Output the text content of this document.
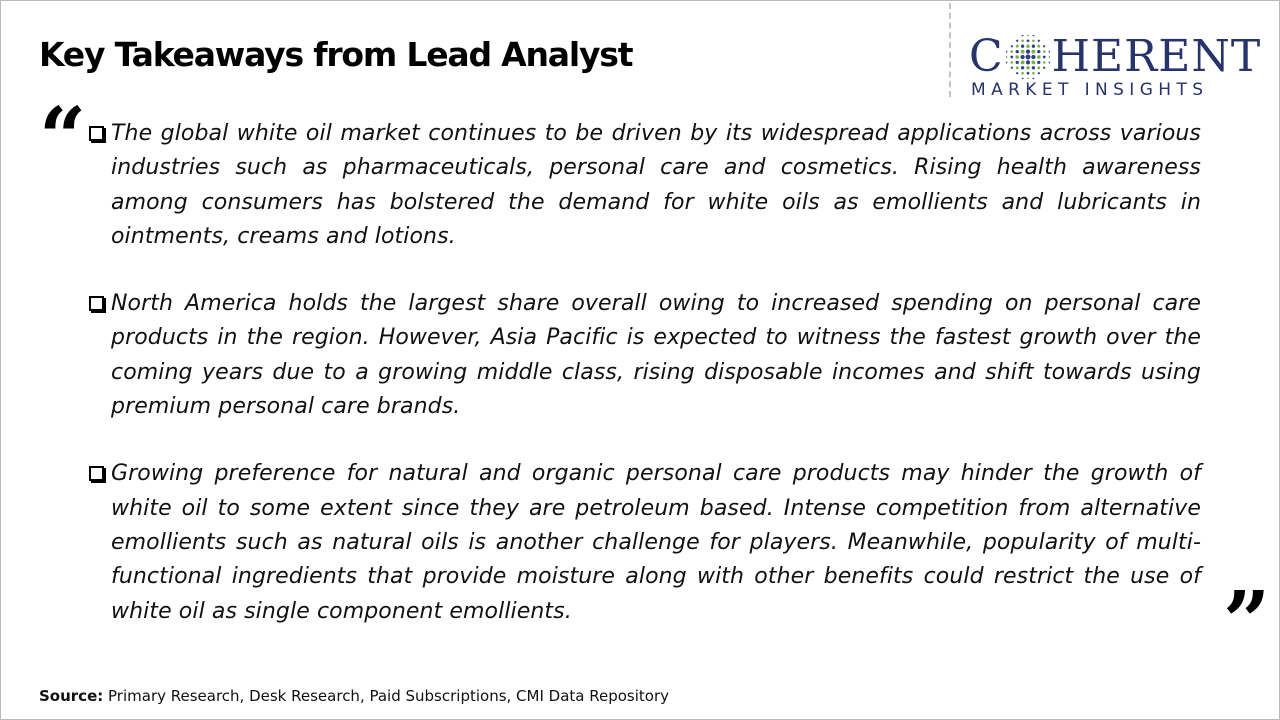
Key Takeaways from Lead Analyst	C HERENT
MARKET INSIGHTS
“ The global white oil market continues to be driven by its widespread applications across various industries such as pharmaceuticals, personal care and cosmetics. Rising health awareness among consumers has bolstered the demand for white oils as emollients and lubricants in ointments, creams and lotions.
North America holds the largest share overall owing to increased spending on personal care products in the region. However, Asia Pacific is expected to witness the fastest growth over the coming years due to a growing middle class, rising disposable incomes and shift towards using premium personal care brands.
Growing preference for natural and organic personal care products may hinder the growth of white oil to some extent since they are petroleum based. Intense competition from alternative emollients such as natural oils is another challenge for players. Meanwhile, popularity of multi-functional ingredients that provide moisture along with other benefits could restrict the use of white oil as single component emollients.	”
Source: Primary Research, Desk Research, Paid Subscriptions, CMI Data Repository
